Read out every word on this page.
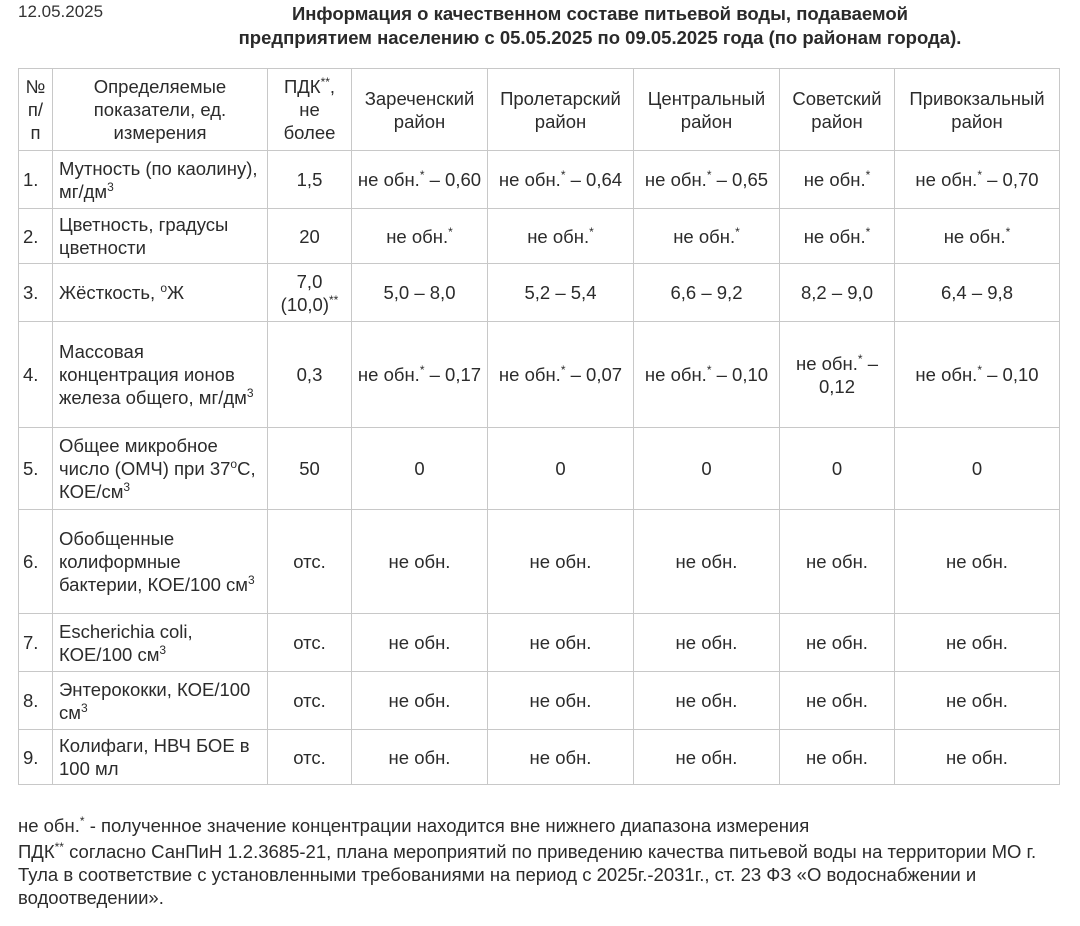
12.05.2025	Информация о качественном составе питьевой воды, подаваемой
предприятием населению с 05.05.2025 по 09.05.2025 года (по районам города).
№ п/п	Определяемые показатели, ед. измерения	ПДК**, не более	Зареченский район	Пролетарский район	Центральный район	Советский район	Привокзальный район
1.	Мутность (по каолину), $мг/дм^3$	1,5	не обн.* – 0,60	не обн.* – 0,64	не обн.* – 0,65	не обн.*	не обн.* – 0,70
2.	Цветность, градусы цветности	20	не обн.*	не обн.*	не обн.*	не обн.*	не обн.*
3.	Жёсткость, $^о$Ж	7,0 (10,0)**	5,0 – 8,0	5,2 – 5,4	6,6 – 9,2	8,2 – 9,0	6,4 – 9,8
4.	Массовая концентрация ионов железа общего, $мг/дм^3$	0,3	не обн.* – 0,17	не обн.* – 0,07	не обн.* – 0,10	не обн.* – 0,12	не обн.* – 0,10
5.	Общее микробное число (ОМЧ) при $37^оС$, КОЕ/$см^3$	50	0	0	0	0	0
6.	Обобщенные колиформные бактерии, КОЕ/100 $см^3$	отс.	не обн.	не обн.	не обн.	не обн.	не обн.
7.	Escherichia coli, КОЕ/100 $см^3$	отс.	не обн.	не обн.	не обн.	не обн.	не обн.
8.	Энтерококки, КОЕ/100 $см^3$	отс.	не обн.	не обн.	не обн.	не обн.	не обн.
9.	Колифаги, НВЧ БОЕ в 100 мл	отс.	не обн.	не обн.	не обн.	не обн.	не обн.
не обн.* - полученное значение концентрации находится вне нижнего диапазона измерения
ПДК** согласно СанПиН 1.2.3685-21, плана мероприятий по приведению качества питьевой воды на территории МО г. Тула в соответствие с установленными требованиями на период с 2025г.-2031г., ст. 23 ФЗ «О водоснабжении и водоотведении».
